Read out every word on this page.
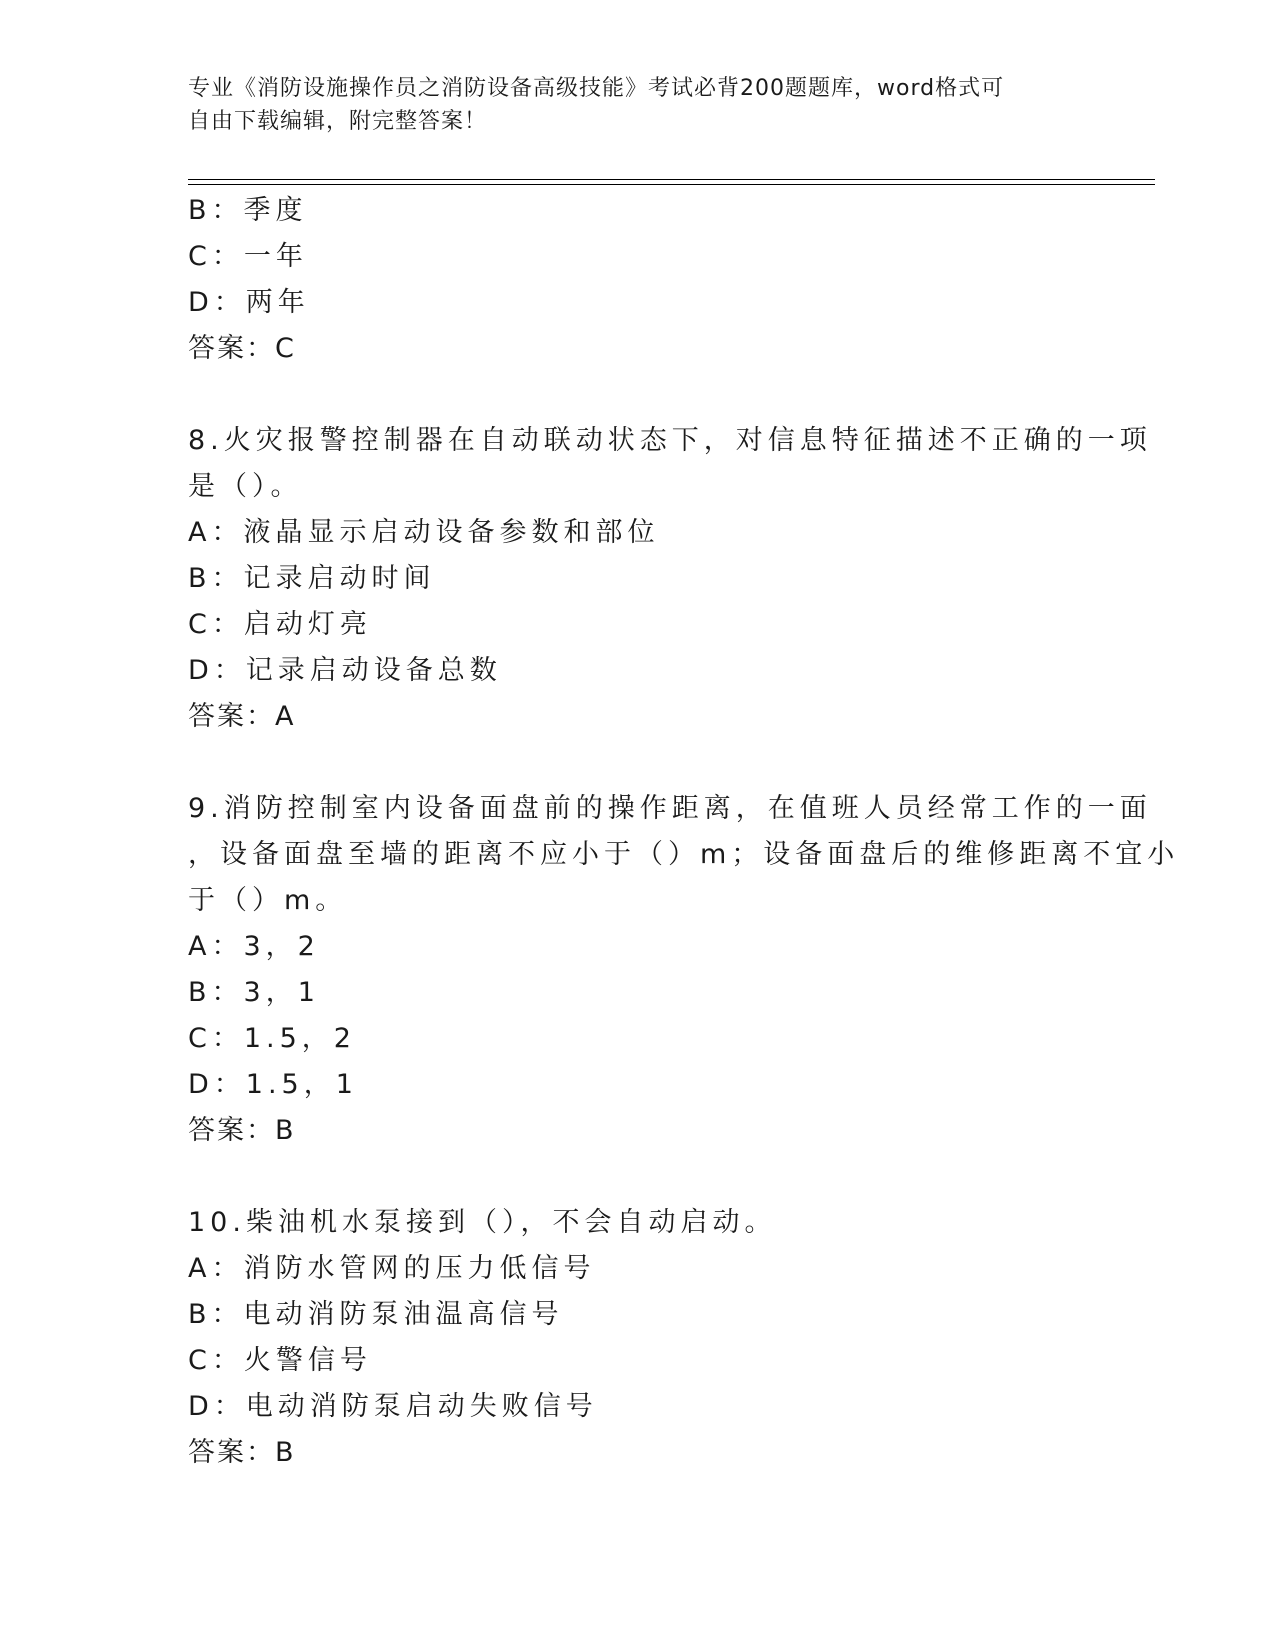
专业《消防设施操作员之消防设备高级技能》考试必背200题题库，word格式可
自由下载编辑，附完整答案！
B：季度
C：一年
D：两年
答案：C
8.火灾报警控制器在自动联动状态下，对信息特征描述不正确的一项
是（）。
A：液晶显示启动设备参数和部位
B：记录启动时间
C：启动灯亮
D：记录启动设备总数
答案：A
9.消防控制室内设备面盘前的操作距离，在值班人员经常工作的一面
，设备面盘至墙的距离不应小于（）m；设备面盘后的维修距离不宜小
于（）m。
A：3，2
B：3，1
C：1.5，2
D：1.5，1
答案：B
10.柴油机水泵接到（），不会自动启动。
A：消防水管网的压力低信号
B：电动消防泵油温高信号
C：火警信号
D：电动消防泵启动失败信号
答案：B
